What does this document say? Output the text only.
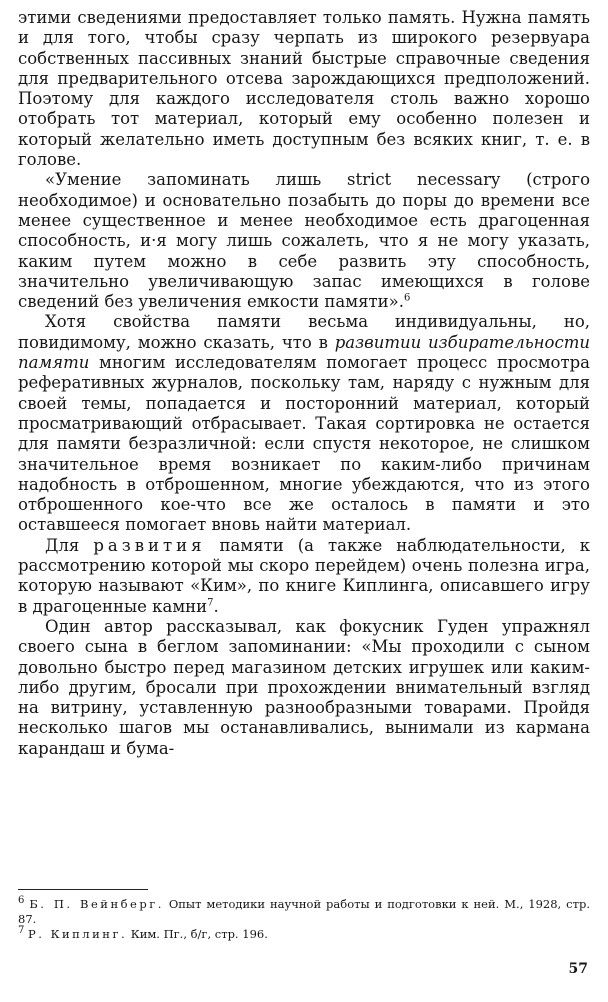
этими сведениями предоставляет только память. Нужна память и для того, чтобы сразу черпать из широкого резервуара собственных пассивных знаний быстрые справочные сведения для предварительного отсева зарождающихся предположений. Поэтому для каждого исследователя столь важно хорошо отобрать тот материал, который ему особенно полезен и который желательно иметь доступным без всяких книг, т. е. в голове.

«Умение запоминать лишь strict necessary (строго необходимое) и основательно позабыть до поры до времени все менее существенное и менее необходимое есть драгоценная способность, и·я могу лишь сожалеть, что я не могу указать, каким путем можно в себе развить эту способность, значительно увеличивающую запас имеющихся в голове сведений без увеличения емкости памяти».$^6$

Хотя свойства памяти весьма индивидуальны, но, повидимому, можно сказать, что в развитии избирательности памяти многим исследователям помогает процесс просмотра реферативных журналов, поскольку там, наряду с нужным для своей темы, попадается и посторонний материал, который просматривающий отбрасывает. Такая сортировка не остается для памяти безразличной: если спустя некоторое, не слишком значительное время возникает по каким-либо причинам надобность в отброшенном, многие убеждаются, что из этого отброшенного кое-что все же осталось в памяти и это оставшееся помогает вновь найти материал.

Для развития памяти (а также наблюдательности, к рассмотрению которой мы скоро перейдем) очень полезна игра, которую называют «Ким», по книге Киплинга, описавшего игру в драгоценные камни$^7$.

Один автор рассказывал, как фокусник Гуден упражнял своего сына в беглом запоминании: «Мы проходили с сыном довольно быстро перед магазином детских игрушек или каким-либо другим, бросали при прохождении внимательный взгляд на витрину, уставленную разнообразными товарами. Пройдя несколько шагов мы останавливались, вынимали из кармана карандаш и бума-

$^6$ Б. П. Вейнберг. Опыт методики научной работы и подготовки к ней. М., 1928, стр. 87.

$^7$ Р. Киплинг. Ким. Пг., б/г, стр. 196.

57
